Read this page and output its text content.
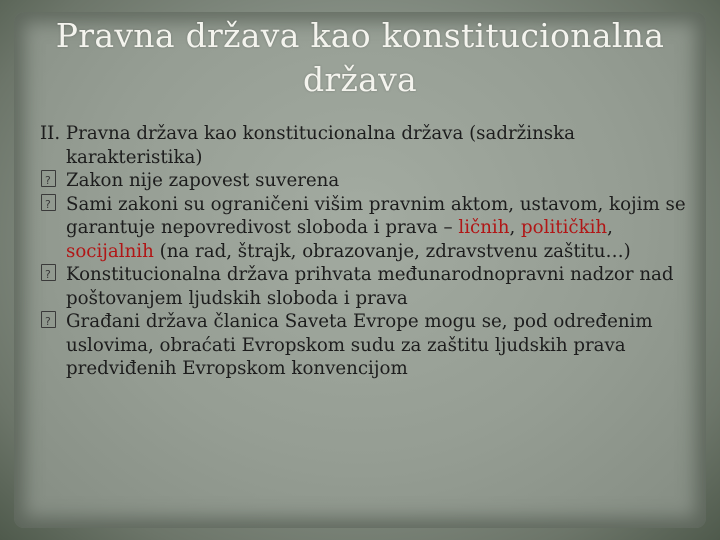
Pravna država kao konstitucionalna država

II. Pravna država kao konstitucionalna država (sadržinska karakteristika)

?Zakon nije zapovest suverena

?Sami zakoni su ograničeni višim pravnim aktom, ustavom, kojim se garantuje nepovredivost sloboda i prava – ličnih, političkih, socijalnih (na rad, štrajk, obrazovanje, zdravstvenu zaštitu…)

?Konstitucionalna država prihvata međunarodnopravni nadzor nad poštovanjem ljudskih sloboda i prava

?Građani država članica Saveta Evrope mogu se, pod određenim uslovima, obraćati Evropskom sudu za zaštitu ljudskih prava predviđenih Evropskom konvencijom
